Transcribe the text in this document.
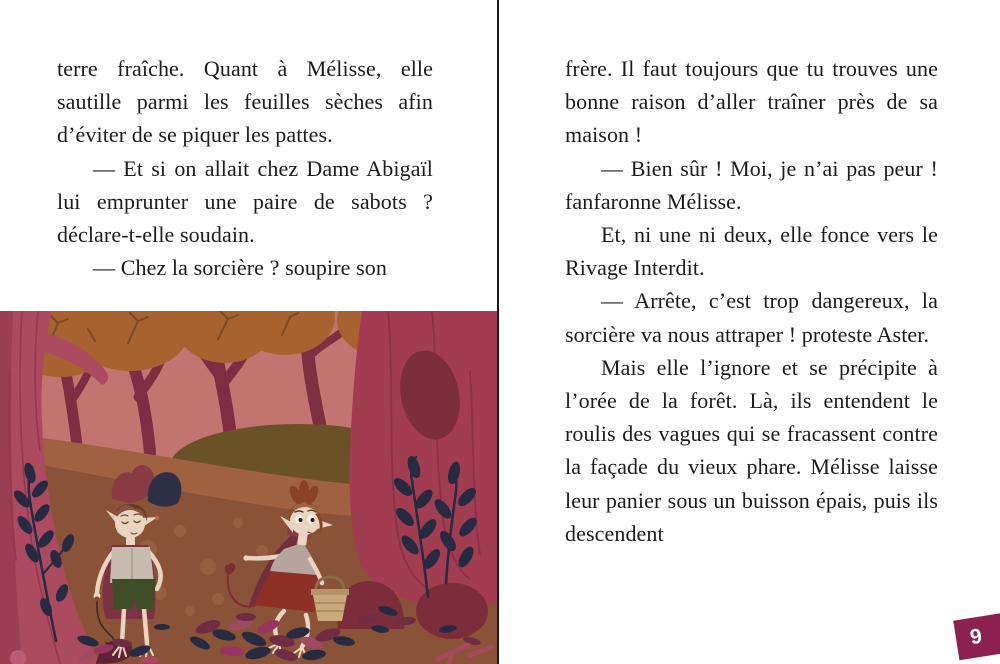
terre fraîche. Quant à Mélisse, elle sautille parmi les feuilles sèches afin d’éviter de se piquer les pattes.

— Et si on allait chez Dame Abigaïl lui emprunter une paire de sabots ? déclare-t-elle soudain.

— Chez la sorcière ? soupire son

frère. Il faut toujours que tu trouves une bonne raison d’aller traîner près de sa maison !

— Bien sûr ! Moi, je n’ai pas peur ! fanfaronne Mélisse.

Et, ni une ni deux, elle fonce vers le Rivage Interdit.

— Arrête, c’est trop dangereux, la sorcière va nous attraper ! proteste Aster.

Mais elle l’ignore et se précipite à l’orée de la forêt. Là, ils entendent le roulis des vagues qui se fracassent contre la façade du vieux phare. Mélisse laisse leur panier sous un buisson épais, puis ils descendent

9
